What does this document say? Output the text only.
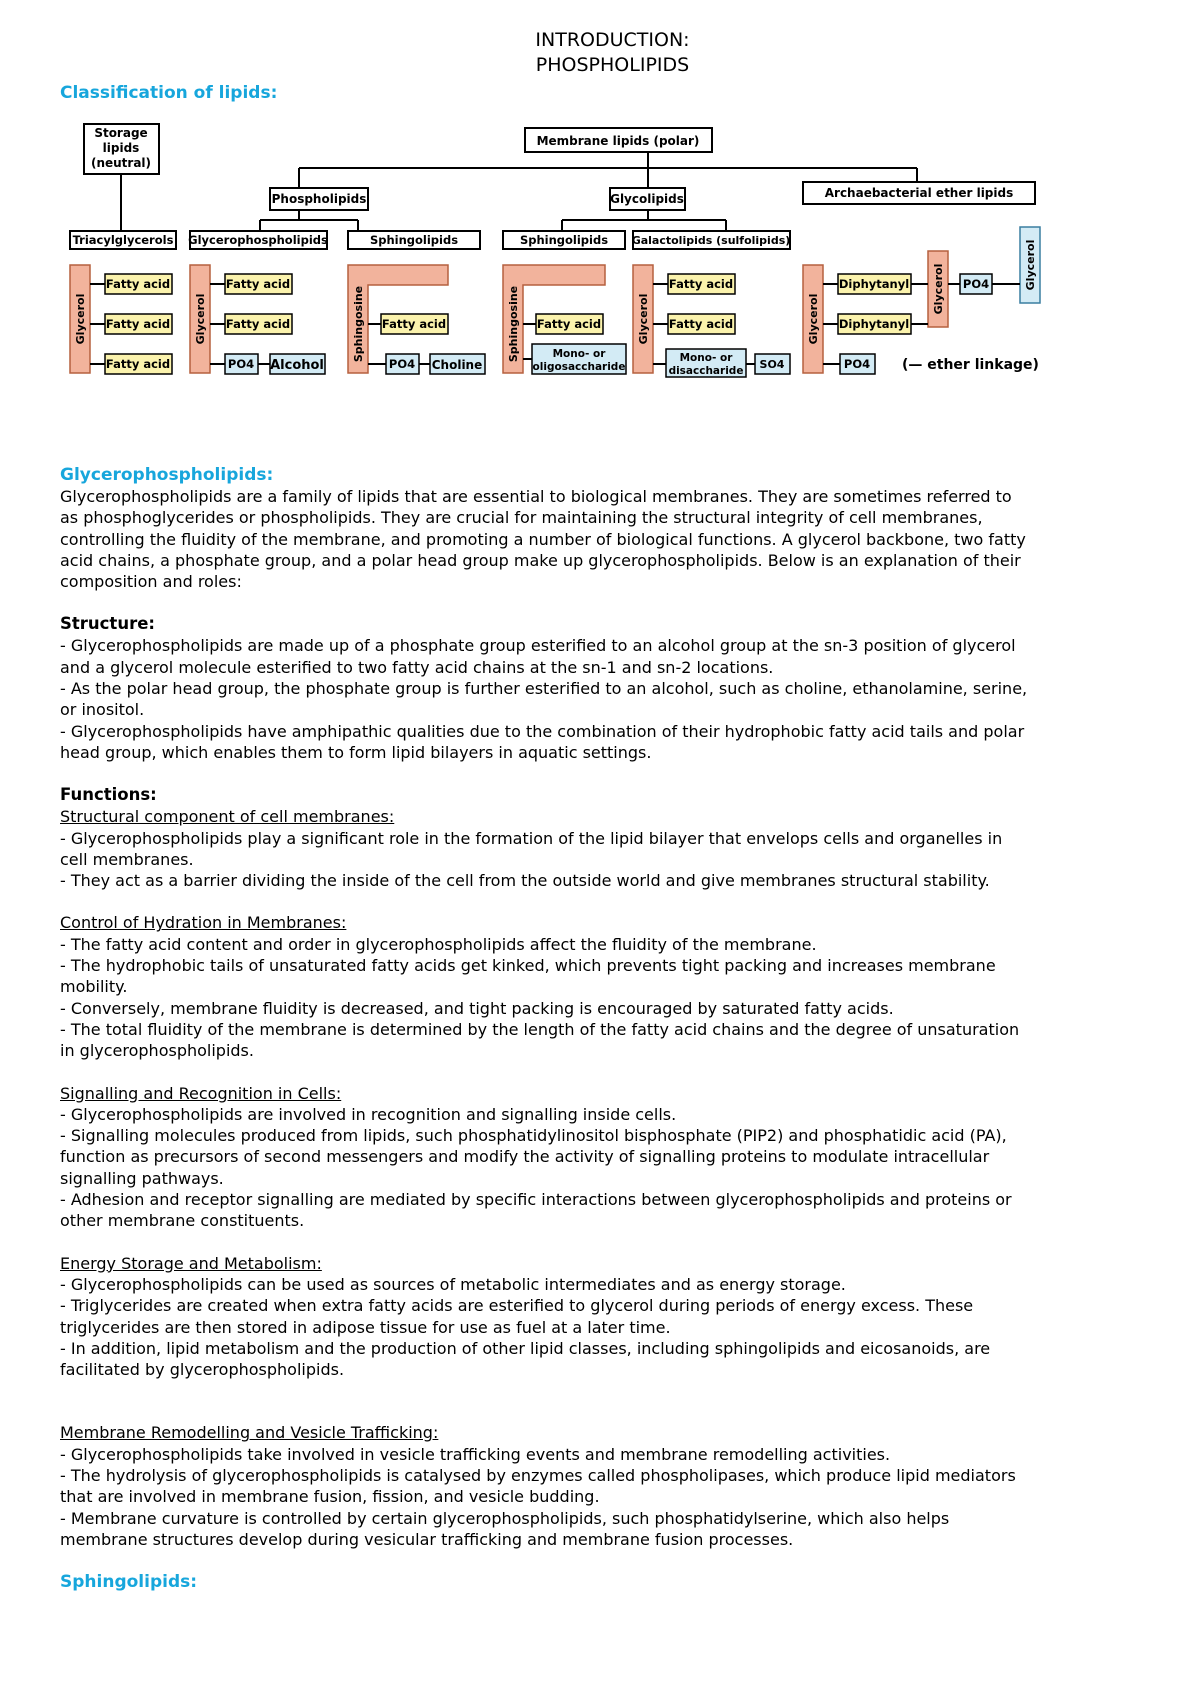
INTRODUCTION:

PHOSPHOLIPIDS

Classification of lipids:

Storage
lipids
(neutral)
Membrane lipids (polar)
Phospholipids	Glycolipids	Archaebacterial ether lipids
Triacylglycerols Glycerophospholipids	Sphingolipids	Sphingolipids Galactolipids (sulfolipids)
Glycerol	Glycerol	Sphingosine	Sphingosine	Glycerol	Glycerol
Glycerol	Glycerol
Fatty acid
Fatty acid
Fatty acid
Fatty acid
Fatty acid	Fatty acid	Fatty acid
Fatty acid
Fatty acid
Diphytanyl
Diphytanyl
PO4 Alcohol	PO4 Choline
Mono- or
oligosaccharide
Mono- or
disaccharide SO4	PO4
PO4
(— ether linkage)

Glycerophospholipids:

Glycerophospholipids are a family of lipids that are essential to biological membranes. They are sometimes referred to

as phosphoglycerides or phospholipids. They are crucial for maintaining the structural integrity of cell membranes,

controlling the fluidity of the membrane, and promoting a number of biological functions. A glycerol backbone, two fatty

acid chains, a phosphate group, and a polar head group make up glycerophospholipids. Below is an explanation of their

composition and roles:

Structure:

- Glycerophospholipids are made up of a phosphate group esterified to an alcohol group at the sn-3 position of glycerol

and a glycerol molecule esterified to two fatty acid chains at the sn-1 and sn-2 locations.

- As the polar head group, the phosphate group is further esterified to an alcohol, such as choline, ethanolamine, serine,

or inositol.

- Glycerophospholipids have amphipathic qualities due to the combination of their hydrophobic fatty acid tails and polar

head group, which enables them to form lipid bilayers in aquatic settings.

Functions:

Structural component of cell membranes:

- Glycerophospholipids play a significant role in the formation of the lipid bilayer that envelops cells and organelles in

cell membranes.

- They act as a barrier dividing the inside of the cell from the outside world and give membranes structural stability.

Control of Hydration in Membranes:

- The fatty acid content and order in glycerophospholipids affect the fluidity of the membrane.

- The hydrophobic tails of unsaturated fatty acids get kinked, which prevents tight packing and increases membrane

mobility.

- Conversely, membrane fluidity is decreased, and tight packing is encouraged by saturated fatty acids.

- The total fluidity of the membrane is determined by the length of the fatty acid chains and the degree of unsaturation

in glycerophospholipids.

Signalling and Recognition in Cells:

- Glycerophospholipids are involved in recognition and signalling inside cells.

- Signalling molecules produced from lipids, such phosphatidylinositol bisphosphate (PIP2) and phosphatidic acid (PA),

function as precursors of second messengers and modify the activity of signalling proteins to modulate intracellular

signalling pathways.

- Adhesion and receptor signalling are mediated by specific interactions between glycerophospholipids and proteins or

other membrane constituents.

Energy Storage and Metabolism:

- Glycerophospholipids can be used as sources of metabolic intermediates and as energy storage.

- Triglycerides are created when extra fatty acids are esterified to glycerol during periods of energy excess. These

triglycerides are then stored in adipose tissue for use as fuel at a later time.

- In addition, lipid metabolism and the production of other lipid classes, including sphingolipids and eicosanoids, are

facilitated by glycerophospholipids.

Membrane Remodelling and Vesicle Trafficking:

- Glycerophospholipids take involved in vesicle trafficking events and membrane remodelling activities.

- The hydrolysis of glycerophospholipids is catalysed by enzymes called phospholipases, which produce lipid mediators

that are involved in membrane fusion, fission, and vesicle budding.

- Membrane curvature is controlled by certain glycerophospholipids, such phosphatidylserine, which also helps

membrane structures develop during vesicular trafficking and membrane fusion processes.

Sphingolipids:
